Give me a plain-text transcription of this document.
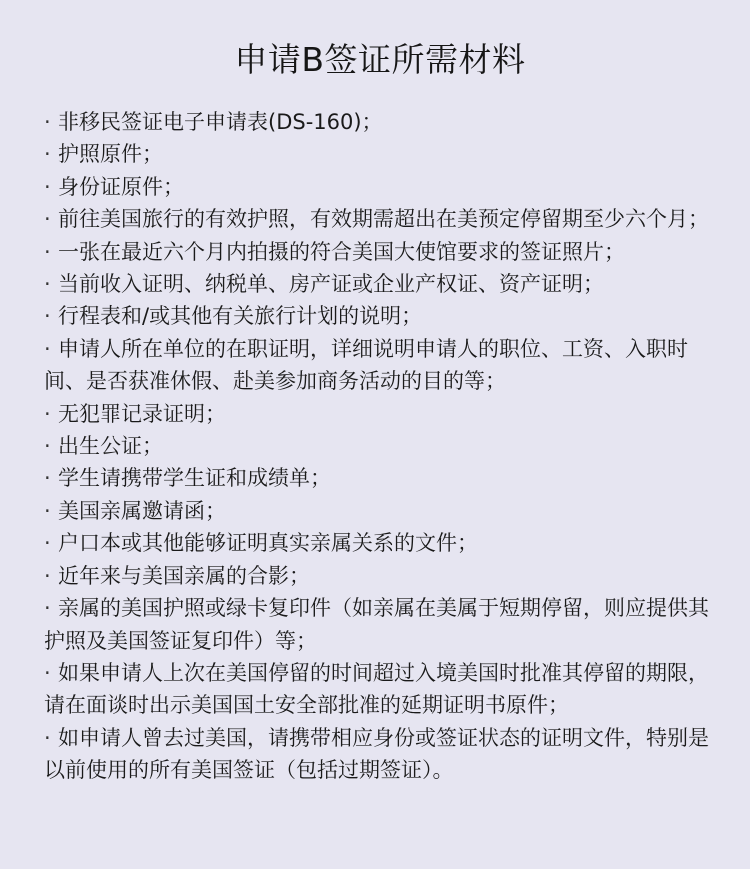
申请B签证所需材料
· 非移民签证电子申请表(DS-160)；
· 护照原件；
· 身份证原件；
· 前往美国旅行的有效护照，有效期需超出在美预定停留期至少六个月；
· 一张在最近六个月内拍摄的符合美国大使馆要求的签证照片；
· 当前收入证明、纳税单、房产证或企业产权证、资产证明；
· 行程表和/或其他有关旅行计划的说明；
· 申请人所在单位的在职证明，详细说明申请人的职位、工资、入职时间、是否获准休假、赴美参加商务活动的目的等；
· 无犯罪记录证明；
· 出生公证；
· 学生请携带学生证和成绩单；
· 美国亲属邀请函；
· 户口本或其他能够证明真实亲属关系的文件；
· 近年来与美国亲属的合影；
· 亲属的美国护照或绿卡复印件（如亲属在美属于短期停留，则应提供其护照及美国签证复印件）等；
· 如果申请人上次在美国停留的时间超过入境美国时批准其停留的期限，请在面谈时出示美国国土安全部批准的延期证明书原件；
· 如申请人曾去过美国，请携带相应身份或签证状态的证明文件，特别是以前使用的所有美国签证（包括过期签证）。
